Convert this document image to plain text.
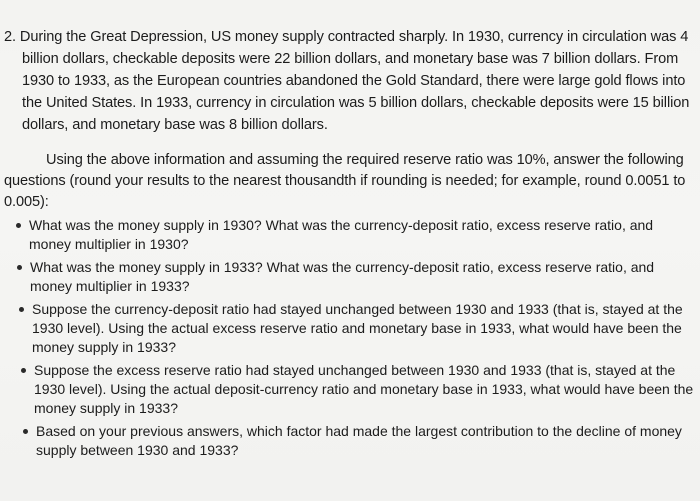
2. During the Great Depression, US money supply contracted sharply. In 1930, currency in circulation was 4
billion dollars, checkable deposits were 22 billion dollars, and monetary base was 7 billion dollars. From
1930 to 1933, as the European countries abandoned the Gold Standard, there were large gold flows into
the United States. In 1933, currency in circulation was 5 billion dollars, checkable deposits were 15 billion
dollars, and monetary base was 8 billion dollars.
Using the above information and assuming the required reserve ratio was 10%, answer the following
questions (round your results to the nearest thousandth if rounding is needed; for example, round 0.0051 to
0.005):
What was the money supply in 1930? What was the currency-deposit ratio, excess reserve ratio, and
money multiplier in 1930?
What was the money supply in 1933? What was the currency-deposit ratio, excess reserve ratio, and
money multiplier in 1933?
Suppose the currency-deposit ratio had stayed unchanged between 1930 and 1933 (that is, stayed at the
1930 level). Using the actual excess reserve ratio and monetary base in 1933, what would have been the
money supply in 1933?
Suppose the excess reserve ratio had stayed unchanged between 1930 and 1933 (that is, stayed at the
1930 level). Using the actual deposit-currency ratio and monetary base in 1933, what would have been the
money supply in 1933?
Based on your previous answers, which factor had made the largest contribution to the decline of money
supply between 1930 and 1933?
